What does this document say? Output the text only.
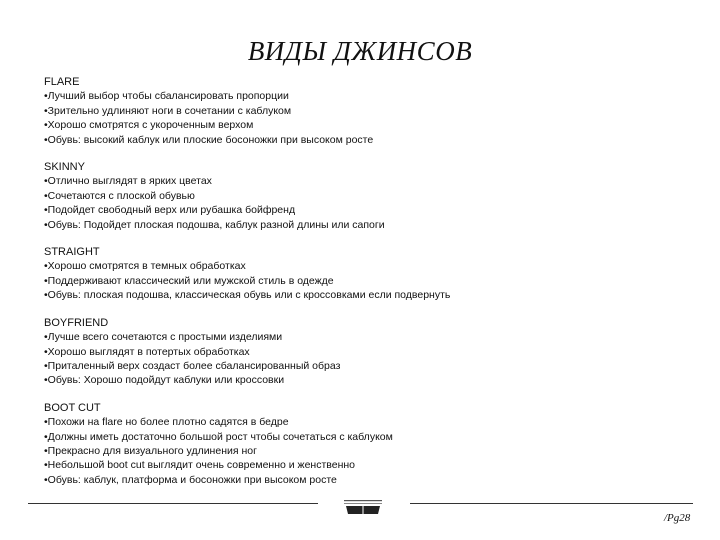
ВИДЫ ДЖИНСОВ
FLARE
•Лучший выбор чтобы сбалансировать пропорции
•Зрительно удлиняют ноги в сочетании с каблуком
•Хорошо смотрятся с укороченным верхом
•Обувь: высокий каблук или плоские босоножки при высоком росте
SKINNY
•Отлично выглядят в ярких цветах
•Сочетаются с плоской обувью
•Подойдет свободный верх или рубашка бойфренд
•Обувь: Подойдет плоская подошва, каблук разной длины или сапоги
STRAIGHT
•Хорошо смотрятся в темных обработках
•Поддерживают классический или мужской стиль в одежде
•Обувь: плоская подошва, классическая обувь или с кроссовками если подвернуть
BOYFRIEND
•Лучше всего сочетаются с простыми изделиями
•Хорошо выглядят в потертых обработках
•Приталенный верх создаст более сбалансированный образ
•Обувь: Хорошо подойдут каблуки или кроссовки
BOOT CUT
•Похожи на flare но более плотно садятся в бедре
•Должны иметь достаточно большой рост чтобы сочетаться с каблуком
•Прекрасно для визуального удлинения ног
•Небольшой boot cut выглядит очень современно и женственно
•Обувь: каблук, платформа и босоножки при высоком росте
/Pg28
